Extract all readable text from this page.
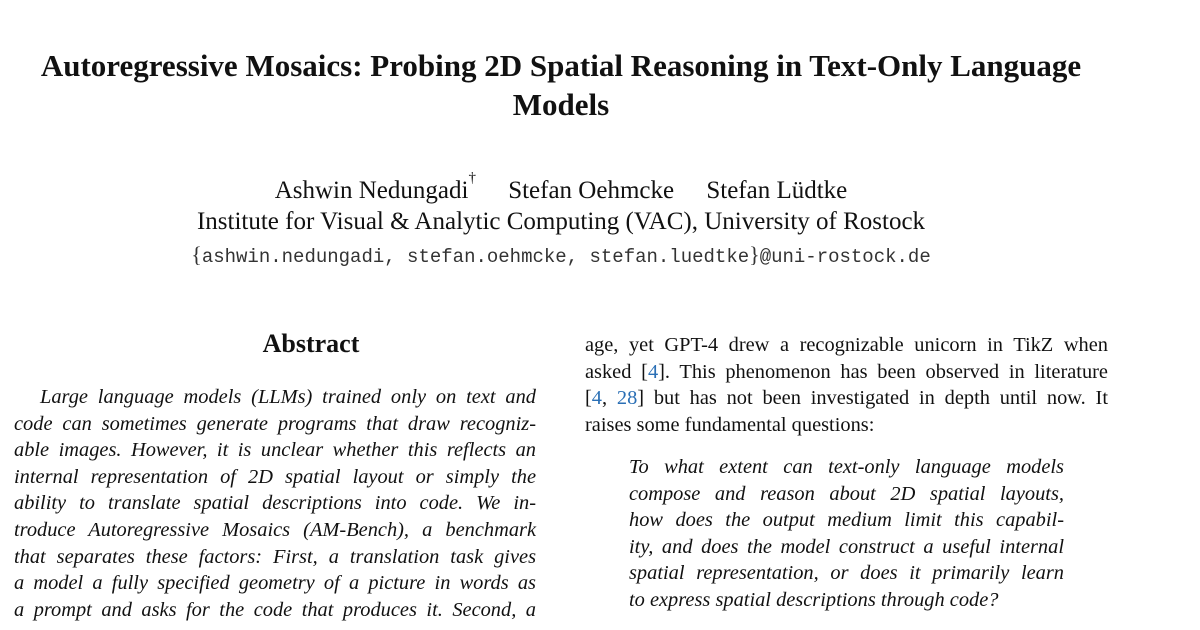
Autoregressive Mosaics: Probing 2D Spatial Reasoning in Text-Only Language
Models
Ashwin Nedungadi† Stefan Oehmcke Stefan Lüdtke
Institute for Visual & Analytic Computing (VAC), University of Rostock
{ashwin.nedungadi, stefan.oehmcke, stefan.luedtke}@uni-rostock.de
Abstract
Large language models (LLMs) trained only on text and
code can sometimes generate programs that draw recogniz-
able images. However, it is unclear whether this reflects an
internal representation of 2D spatial layout or simply the
ability to translate spatial descriptions into code. We in-
troduce Autoregressive Mosaics (AM-Bench), a benchmark
that separates these factors: First, a translation task gives
a model a fully specified geometry of a picture in words as
a prompt and asks for the code that produces it. Second, a
age, yet GPT-4 drew a recognizable unicorn in TikZ when
asked [4]. This phenomenon has been observed in literature
[4, 28] but has not been investigated in depth until now. It
raises some fundamental questions:
To what extent can text-only language models
compose and reason about 2D spatial layouts,
how does the output medium limit this capabil-
ity, and does the model construct a useful internal
spatial representation, or does it primarily learn
to express spatial descriptions through code?
